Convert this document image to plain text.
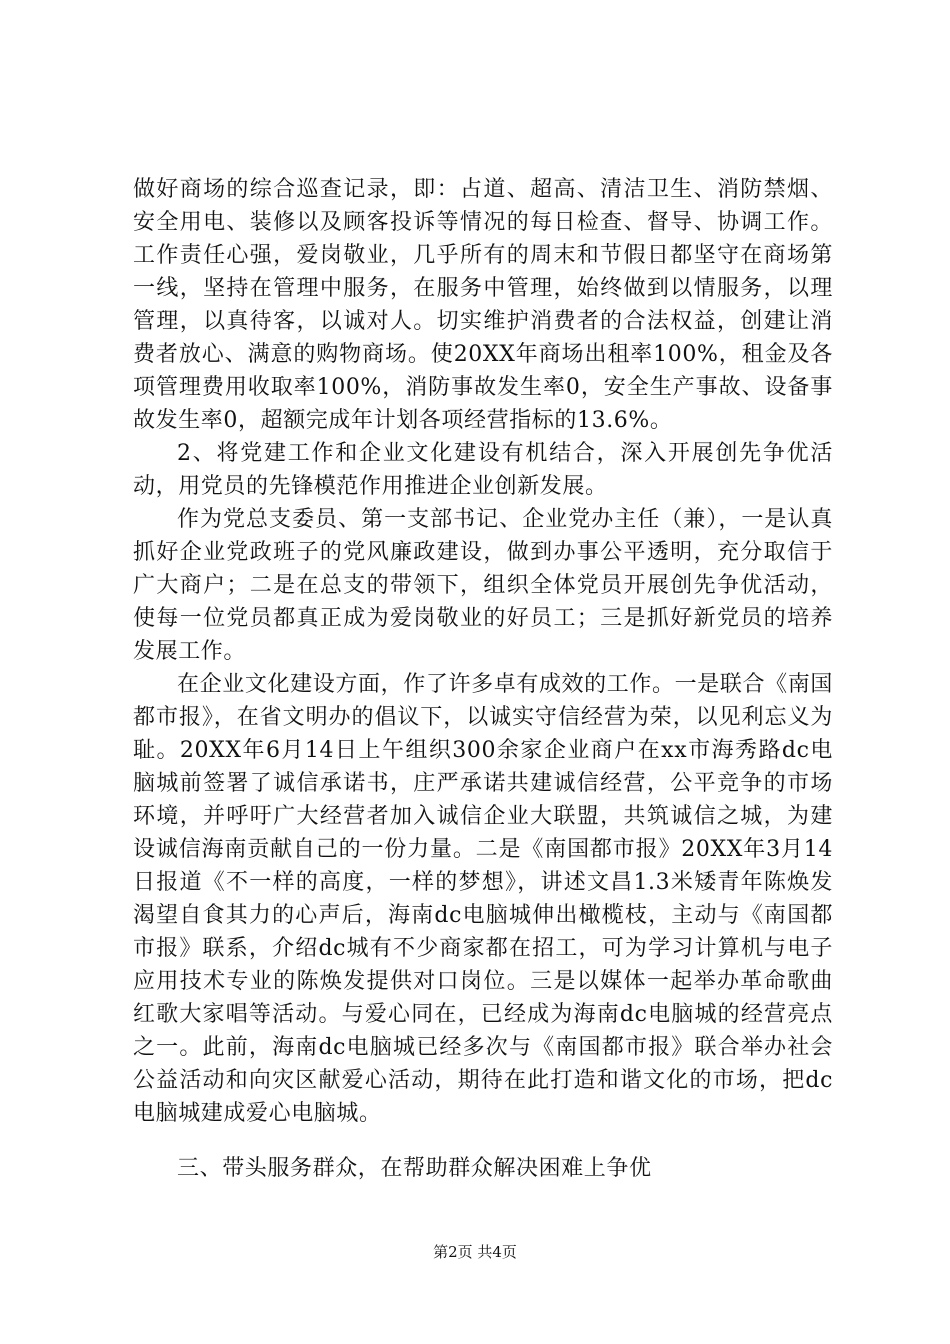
做好商场的综合巡查记录，即：占道、超高、清洁卫生、消防禁烟、安全用电、装修以及顾客投诉等情况的每日检查、督导、协调工作。工作责任心强，爱岗敬业，几乎所有的周末和节假日都坚守在商场第一线，坚持在管理中服务，在服务中管理，始终做到以情服务，以理管理，以真待客，以诚对人。切实维护消费者的合法权益，创建让消费者放心、满意的购物商场。使20XX年商场出租率100%，租金及各项管理费用收取率100%，消防事故发生率0，安全生产事故、设备事故发生率0，超额完成年计划各项经营指标的13.6%。

2、将党建工作和企业文化建设有机结合，深入开展创先争优活动，用党员的先锋模范作用推进企业创新发展。

作为党总支委员、第一支部书记、企业党办主任（兼），一是认真抓好企业党政班子的党风廉政建设，做到办事公平透明，充分取信于广大商户；二是在总支的带领下，组织全体党员开展创先争优活动，使每一位党员都真正成为爱岗敬业的好员工；三是抓好新党员的培养发展工作。

在企业文化建设方面，作了许多卓有成效的工作。一是联合《南国都市报》，在省文明办的倡议下，以诚实守信经营为荣，以见利忘义为耻。20XX年6月14日上午组织300余家企业商户在xx市海秀路dc电脑城前签署了诚信承诺书，庄严承诺共建诚信经营，公平竞争的市场环境，并呼吁广大经营者加入诚信企业大联盟，共筑诚信之城，为建设诚信海南贡献自己的一份力量。二是《南国都市报》20XX年3月14日报道《不一样的高度，一样的梦想》，讲述文昌1.3米矮青年陈焕发渴望自食其力的心声后，海南dc电脑城伸出橄榄枝，主动与《南国都市报》联系，介绍dc城有不少商家都在招工，可为学习计算机与电子应用技术专业的陈焕发提供对口岗位。三是以媒体一起举办革命歌曲红歌大家唱等活动。与爱心同在，已经成为海南dc电脑城的经营亮点之一。此前，海南dc电脑城已经多次与《南国都市报》联合举办社会公益活动和向灾区献爱心活动，期待在此打造和谐文化的市场，把dc电脑城建成爱心电脑城。

三、带头服务群众，在帮助群众解决困难上争优
第2页 共4页
